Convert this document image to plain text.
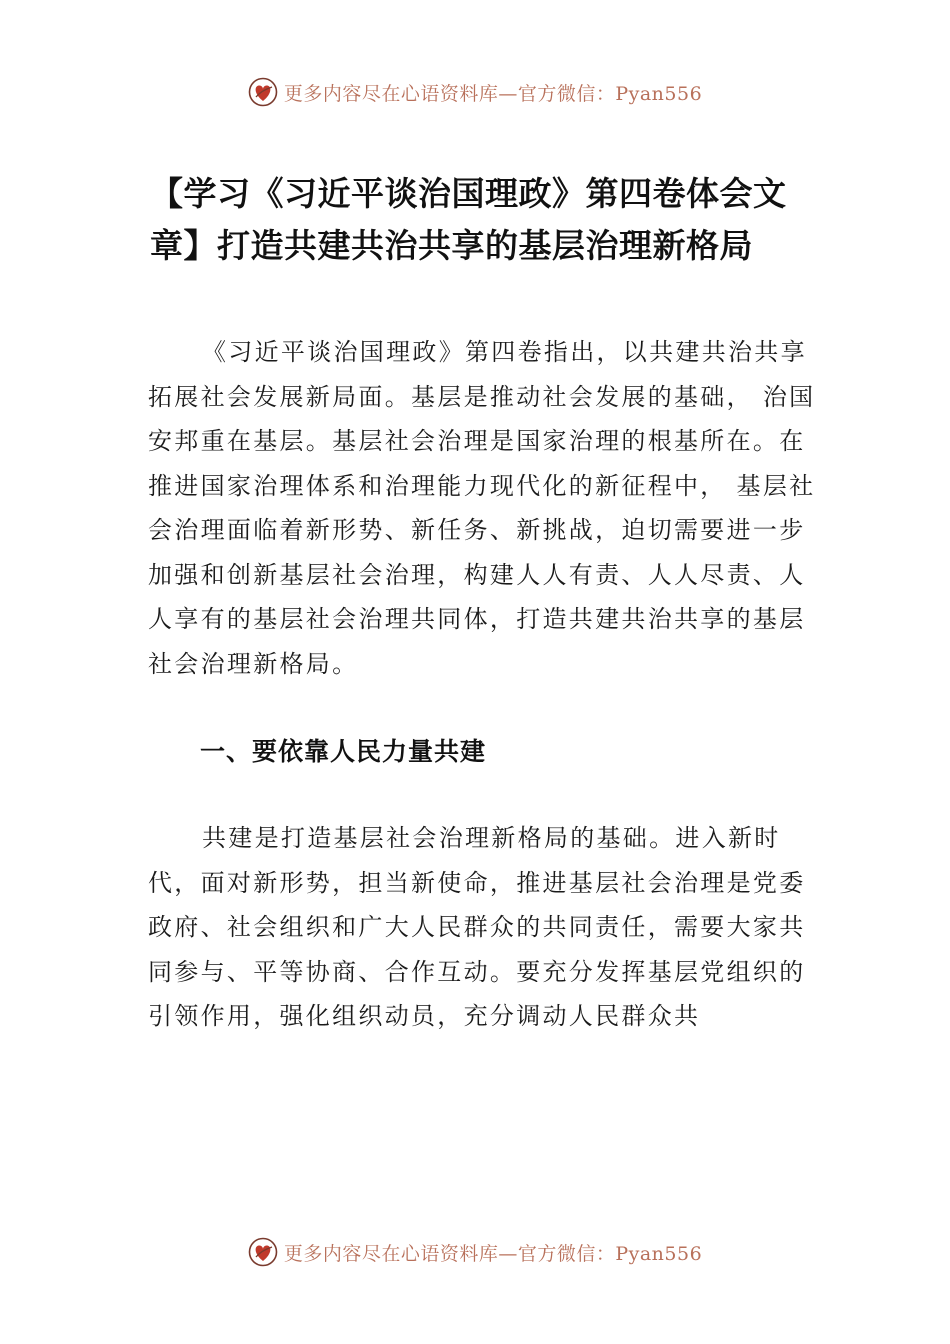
更多内容尽在心语资料库—官方微信：Pyan556
【学习《习近平谈治国理政》第四卷体会文章】打造共建共治共享的基层治理新格局

《习近平谈治国理政》第四卷指出，以共建共治共享拓展社会发展新局面。基层是推动社会发展的基础， 治国安邦重在基层。基层社会治理是国家治理的根基所在。在推进国家治理体系和治理能力现代化的新征程中， 基层社会治理面临着新形势、新任务、新挑战，迫切需要进一步加强和创新基层社会治理，构建人人有责、人人尽责、人人享有的基层社会治理共同体，打造共建共治共享的基层社会治理新格局。

一、要依靠人民力量共建

共建是打造基层社会治理新格局的基础。进入新时代，面对新形势，担当新使命，推进基层社会治理是党委政府、社会组织和广大人民群众的共同责任，需要大家共同参与、平等协商、合作互动。要充分发挥基层党组织的引领作用，强化组织动员，充分调动人民群众共

更多内容尽在心语资料库—官方微信：Pyan556
